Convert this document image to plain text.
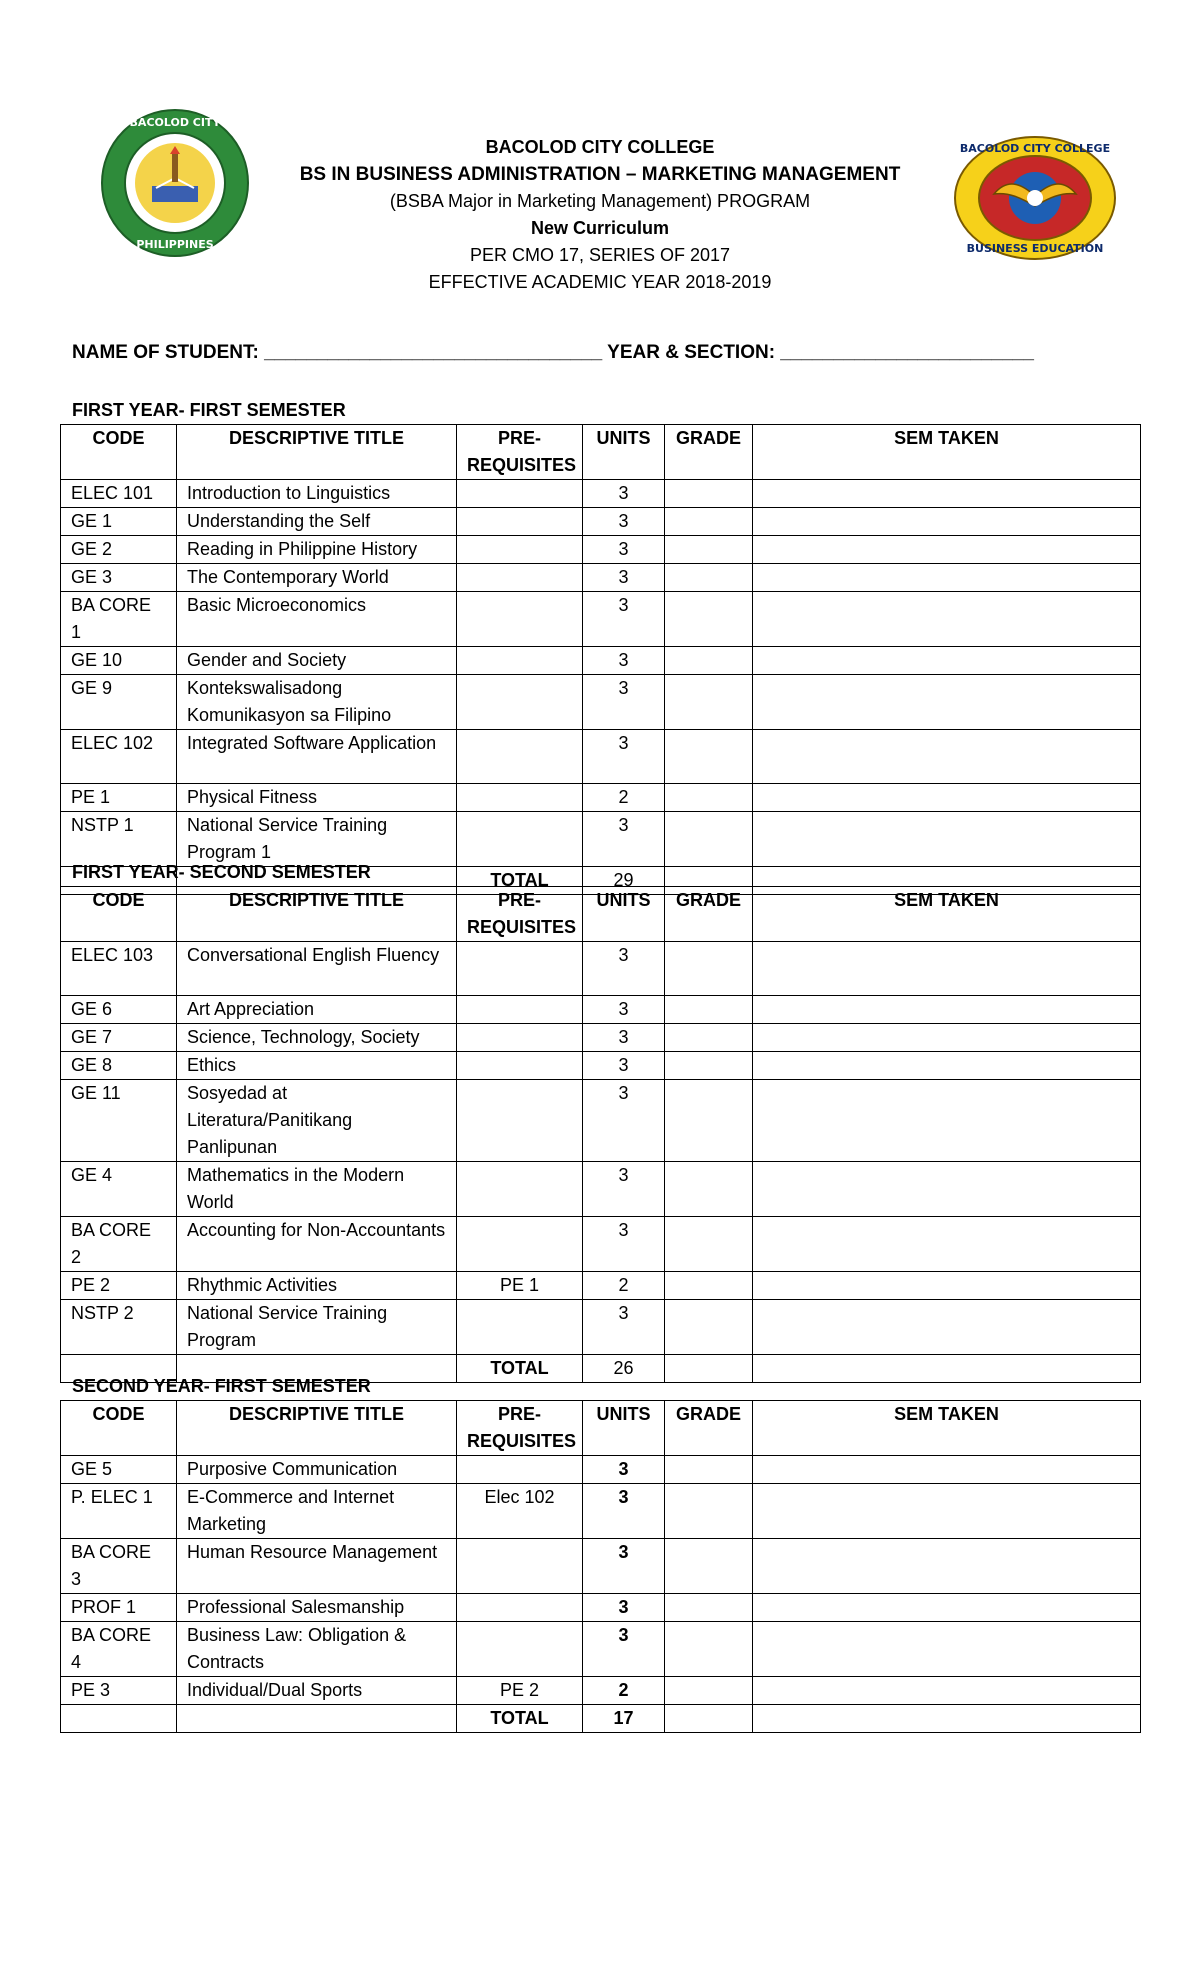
BACOLOD CITY
PHILIPPINES
BACOLOD CITY COLLEGE
BUSINESS EDUCATION
BACOLOD CITY COLLEGE
BS IN BUSINESS ADMINISTRATION – MARKETING MANAGEMENT
(BSBA Major in Marketing Management) PROGRAM
New Curriculum
PER CMO 17, SERIES OF 2017
EFFECTIVE ACADEMIC YEAR 2018-2019
NAME OF STUDENT: ________________________________ YEAR & SECTION: ________________________
FIRST YEAR- FIRST SEMESTER
CODE	DESCRIPTIVE TITLE	PRE-
REQUISITES	UNITS	GRADE	SEM TAKEN
ELEC 101	Introduction to Linguistics		3		
GE 1	Understanding the Self		3		
GE 2	Reading in Philippine History		3		
GE 3	The Contemporary World		3		
BA CORE 1	Basic Microeconomics		3		
GE 10	Gender and Society		3		
GE 9	Kontekswalisadong Komunikasyon sa Filipino		3		
ELEC 102	Integrated Software Application		3		
PE 1	Physical Fitness		2		
NSTP 1	National Service Training Program 1		3		
		TOTAL	29		
FIRST YEAR- SECOND SEMESTER
CODE	DESCRIPTIVE TITLE	PRE-
REQUISITES	UNITS	GRADE	SEM TAKEN
ELEC 103	Conversational English Fluency		3		
GE 6	Art Appreciation		3		
GE 7	Science, Technology, Society		3		
GE 8	Ethics		3		
GE 11	Sosyedad at Literatura/Panitikang Panlipunan		3		
GE 4	Mathematics in the Modern World		3		
BA CORE 2	Accounting for Non-Accountants		3		
PE 2	Rhythmic Activities	PE 1	2		
NSTP 2	National Service Training Program		3		
		TOTAL	26		
SECOND YEAR- FIRST SEMESTER
CODE	DESCRIPTIVE TITLE	PRE-
REQUISITES	UNITS	GRADE	SEM TAKEN
GE 5	Purposive Communication		3		
P. ELEC 1	E-Commerce and Internet Marketing	Elec 102	3		
BA CORE 3	Human Resource Management		3		
PROF 1	Professional Salesmanship		3		
BA CORE 4	Business Law: Obligation & Contracts		3		
PE 3	Individual/Dual Sports	PE 2	2		
		TOTAL	17		
